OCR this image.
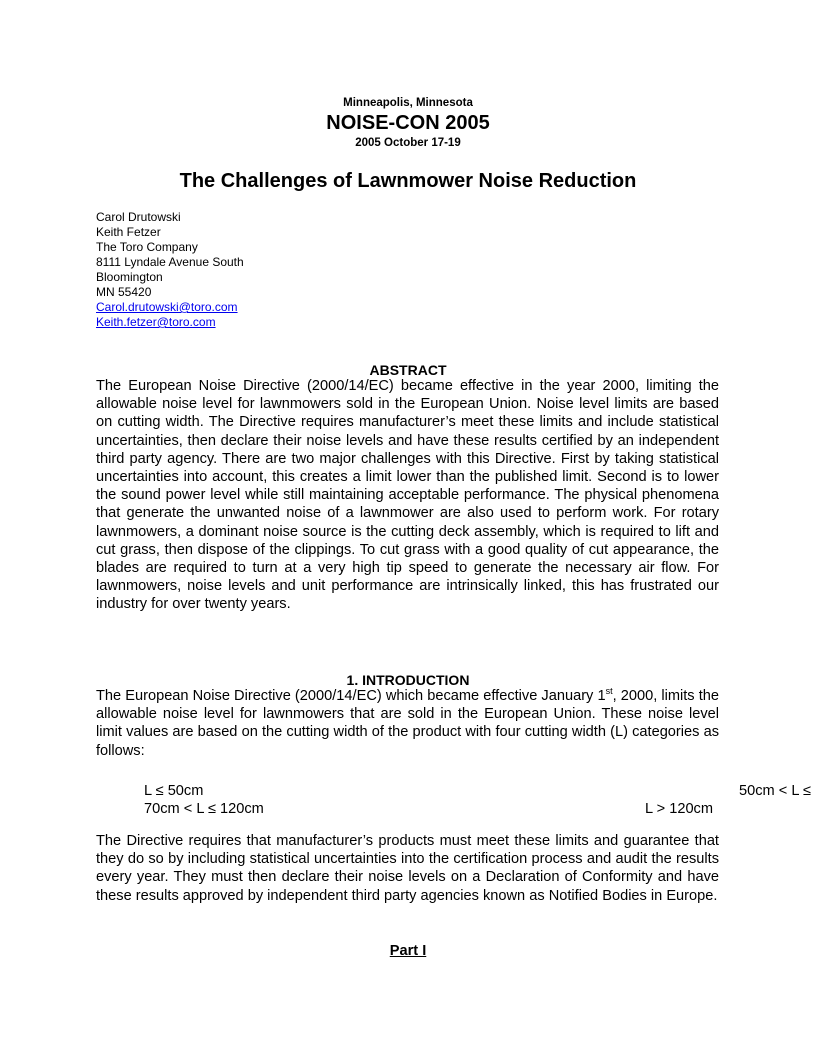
Minneapolis, Minnesota
NOISE-CON 2005
2005 October 17-19
The Challenges of Lawnmower Noise Reduction
Carol Drutowski
Keith Fetzer
The Toro Company
8111 Lyndale Avenue South
Bloomington
MN 55420
Carol.drutowski@toro.com
Keith.fetzer@toro.com
ABSTRACT
The European Noise Directive (2000/14/EC) became effective in the year 2000, limiting the allowable noise level for lawnmowers sold in the European Union. Noise level limits are based on cutting width. The Directive requires manufacturer’s meet these limits and include statistical uncertainties, then declare their noise levels and have these results certified by an independent third party agency. There are two major challenges with this Directive. First by taking statistical uncertainties into account, this creates a limit lower than the published limit. Second is to lower the sound power level while still maintaining acceptable performance. The physical phenomena that generate the unwanted noise of a lawnmower are also used to perform work. For rotary lawnmowers, a dominant noise source is the cutting deck assembly, which is required to lift and cut grass, then dispose of the clippings. To cut grass with a good quality of cut appearance, the blades are required to turn at a very high tip speed to generate the necessary air flow. For lawnmowers, noise levels and unit performance are intrinsically linked, this has frustrated our industry for over twenty years.
1. INTRODUCTION
The European Noise Directive (2000/14/EC) which became effective January 1st, 2000, limits the allowable noise level for lawnmowers that are sold in the European Union. These noise level limit values are based on the cutting width of the product with four cutting width (L) categories as follows:
L ≤ 50cm	50cm < L ≤
70cm < L ≤ 120cm	L > 120cm
The Directive requires that manufacturer’s products must meet these limits and guarantee that they do so by including statistical uncertainties into the certification process and audit the results every year. They must then declare their noise levels on a Declaration of Conformity and have these results approved by independent third party agencies known as Notified Bodies in Europe.
Part I
